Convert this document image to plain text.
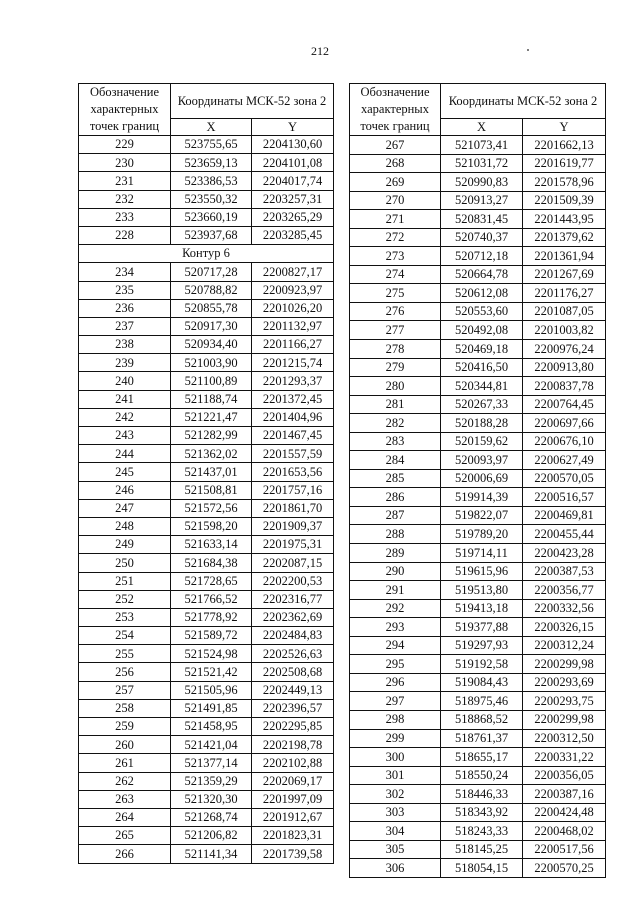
212
Обозначение характерных точек границ	Координаты МСК-52 зона 2	
	X	Y
229	523755,65	2204130,60
230	523659,13	2204101,08
231	523386,53	2204017,74
232	523550,32	2203257,31
233	523660,19	2203265,29
228	523937,68	2203285,45
Контур 6		
234	520717,28	2200827,17
235	520788,82	2200923,97
236	520855,78	2201026,20
237	520917,30	2201132,97
238	520934,40	2201166,27
239	521003,90	2201215,74
240	521100,89	2201293,37
241	521188,74	2201372,45
242	521221,47	2201404,96
243	521282,99	2201467,45
244	521362,02	2201557,59
245	521437,01	2201653,56
246	521508,81	2201757,16
247	521572,56	2201861,70
248	521598,20	2201909,37
249	521633,14	2201975,31
250	521684,38	2202087,15
251	521728,65	2202200,53
252	521766,52	2202316,77
253	521778,92	2202362,69
254	521589,72	2202484,83
255	521524,98	2202526,63
256	521521,42	2202508,68
257	521505,96	2202449,13
258	521491,85	2202396,57
259	521458,95	2202295,85
260	521421,04	2202198,78
261	521377,14	2202102,88
262	521359,29	2202069,17
263	521320,30	2201997,09
264	521268,74	2201912,67
265	521206,82	2201823,31
266	521141,34	2201739,58
Обозначение характерных точек границ	Координаты МСК-52 зона 2	
	X	Y
267	521073,41	2201662,13
268	521031,72	2201619,77
269	520990,83	2201578,96
270	520913,27	2201509,39
271	520831,45	2201443,95
272	520740,37	2201379,62
273	520712,18	2201361,94
274	520664,78	2201267,69
275	520612,08	2201176,27
276	520553,60	2201087,05
277	520492,08	2201003,82
278	520469,18	2200976,24
279	520416,50	2200913,80
280	520344,81	2200837,78
281	520267,33	2200764,45
282	520188,28	2200697,66
283	520159,62	2200676,10
284	520093,97	2200627,49
285	520006,69	2200570,05
286	519914,39	2200516,57
287	519822,07	2200469,81
288	519789,20	2200455,44
289	519714,11	2200423,28
290	519615,96	2200387,53
291	519513,80	2200356,77
292	519413,18	2200332,56
293	519377,88	2200326,15
294	519297,93	2200312,24
295	519192,58	2200299,98
296	519084,43	2200293,69
297	518975,46	2200293,75
298	518868,52	2200299,98
299	518761,37	2200312,50
300	518655,17	2200331,22
301	518550,24	2200356,05
302	518446,33	2200387,16
303	518343,92	2200424,48
304	518243,33	2200468,02
305	518145,25	2200517,56
306	518054,15	2200570,25
